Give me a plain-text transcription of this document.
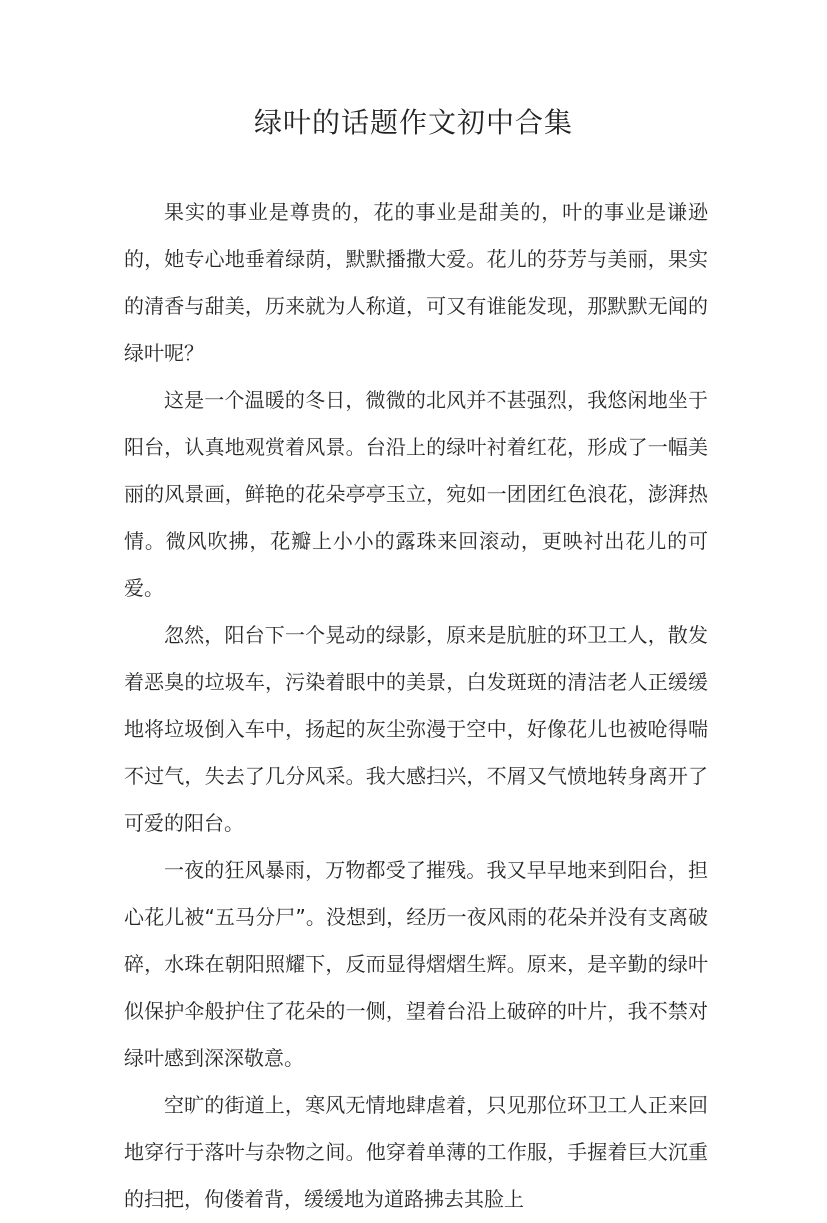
绿叶的话题作文初中合集

果实的事业是尊贵的，花的事业是甜美的，叶的事业是谦逊的，她专心地垂着绿荫，默默播撒大爱。花儿的芬芳与美丽，果实的清香与甜美，历来就为人称道，可又有谁能发现，那默默无闻的绿叶呢？

这是一个温暖的冬日，微微的北风并不甚强烈，我悠闲地坐于阳台，认真地观赏着风景。台沿上的绿叶衬着红花，形成了一幅美丽的风景画，鲜艳的花朵亭亭玉立，宛如一团团红色浪花，澎湃热情。微风吹拂，花瓣上小小的露珠来回滚动，更映衬出花儿的可爱。

忽然，阳台下一个晃动的绿影，原来是肮脏的环卫工人，散发着恶臭的垃圾车，污染着眼中的美景，白发斑斑的清洁老人正缓缓地将垃圾倒入车中，扬起的灰尘弥漫于空中，好像花儿也被呛得喘不过气，失去了几分风采。我大感扫兴，不屑又气愤地转身离开了可爱的阳台。

一夜的狂风暴雨，万物都受了摧残。我又早早地来到阳台，担心花儿被“五马分尸”。没想到，经历一夜风雨的花朵并没有支离破碎，水珠在朝阳照耀下，反而显得熠熠生辉。原来，是辛勤的绿叶似保护伞般护住了花朵的一侧，望着台沿上破碎的叶片，我不禁对绿叶感到深深敬意。

空旷的街道上，寒风无情地肆虐着，只见那位环卫工人正来回地穿行于落叶与杂物之间。他穿着单薄的工作服，手握着巨大沉重的扫把，佝偻着背，缓缓地为道路拂去其脸上
